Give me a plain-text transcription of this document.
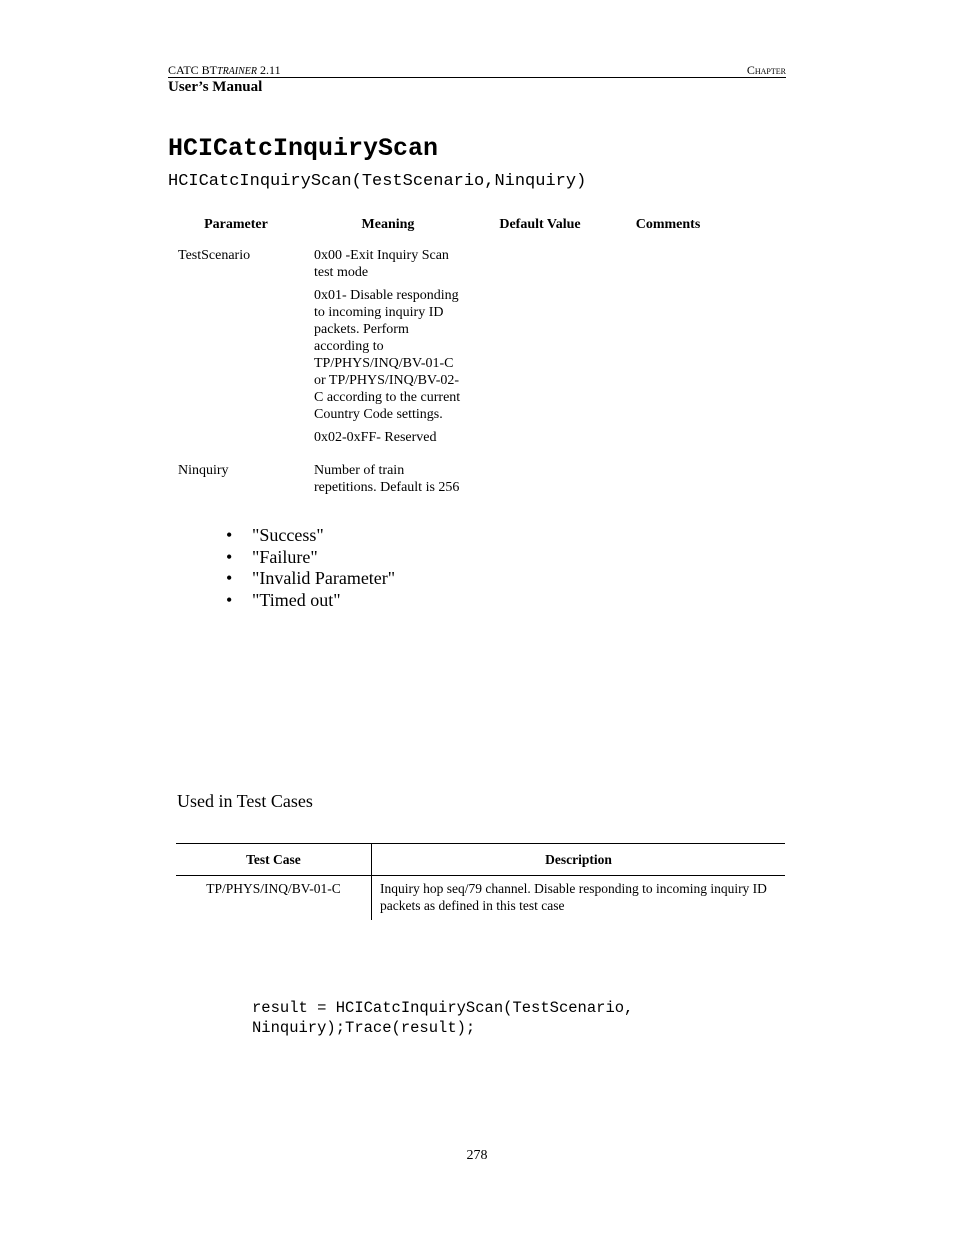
CATC BTTRAINER 2.11	Chapter
User’s Manual
HCICatcInquiryScan
HCICatcInquiryScan(TestScenario,Ninquiry)
Parameter	Meaning	Default Value	Comments
TestScenario	0x00 -Exit Inquiry Scan test mode

0x01- Disable responding to incoming inquiry ID packets. Perform according to TP/PHYS/INQ/BV-01-C or TP/PHYS/INQ/BV-02-C according to the current Country Code settings.

0x02-0xFF- Reserved		

Ninquiry	Number of train repetitions. Default is 256		

• "Success"
• "Failure"
• "Invalid Parameter"
• "Timed out"
Used in Test Cases
Test Case	Description
TP/PHYS/INQ/BV-01-C	Inquiry hop seq/79 channel. Disable responding to incoming inquiry ID packets as defined in this test case
result = HCICatcInquiryScan(TestScenario,
Ninquiry);Trace(result);
278
